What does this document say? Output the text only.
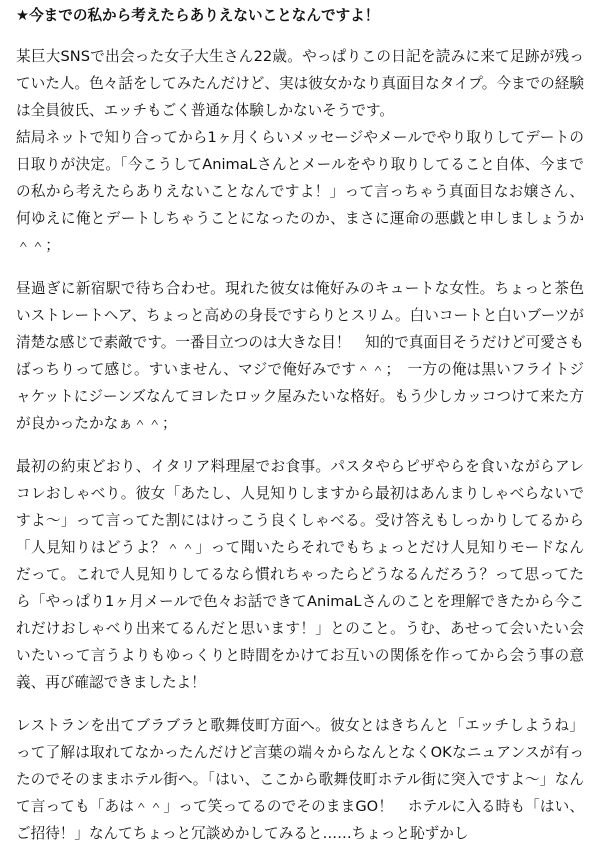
★今までの私から考えたらありえないことなんですよ！
某巨大SNSで出会った女子大生さん22歳。やっぱりこの日記を読みに来て足跡が残っていた人。色々話をしてみたんだけど、実は彼女かなり真面目なタイプ。今までの経験は全員彼氏、エッチもごく普通な体験しかないそうです。
結局ネットで知り合ってから1ヶ月くらいメッセージやメールでやり取りしてデートの日取りが決定。「今こうしてAnimaLさんとメールをやり取りしてること自体、今までの私から考えたらありえないことなんですよ！」って言っちゃう真面目なお嬢さん、何ゆえに俺とデートしちゃうことになったのか、まさに運命の悪戯と申しましょうか＾＾；
昼過ぎに新宿駅で待ち合わせ。現れた彼女は俺好みのキュートな女性。ちょっと茶色いストレートヘア、ちょっと高めの身長ですらりとスリム。白いコートと白いブーツが清楚な感じで素敵です。一番目立つのは大きな目！　知的で真面目そうだけど可愛さもばっちりって感じ。すいません、マジで俺好みです＾＾；　一方の俺は黒いフライトジャケットにジーンズなんてヨレたロック屋みたいな格好。もう少しカッコつけて来た方が良かったかなぁ＾＾；
最初の約束どおり、イタリア料理屋でお食事。パスタやらピザやらを食いながらアレコレおしゃべり。彼女「あたし、人見知りしますから最初はあんまりしゃべらないですよ〜」って言ってた割にはけっこう良くしゃべる。受け答えもしっかりしてるから「人見知りはどうよ？＾＾」って聞いたらそれでもちょっとだけ人見知りモードなんだって。これで人見知りしてるなら慣れちゃったらどうなるんだろう？って思ってたら「やっぱり1ヶ月メールで色々お話できてAnimaLさんのことを理解できたから今これだけおしゃべり出来てるんだと思います！」とのこと。うむ、あせって会いたい会いたいって言うよりもゆっくりと時間をかけてお互いの関係を作ってから会う事の意義、再び確認できましたよ！
レストランを出てブラブラと歌舞伎町方面へ。彼女とはきちんと「エッチしようね」って了解は取れてなかったんだけど言葉の端々からなんとなくOKなニュアンスが有ったのでそのままホテル街へ。「はい、ここから歌舞伎町ホテル街に突入ですよ〜」なんて言っても「あは＾＾」って笑ってるのでそのままGO！　ホテルに入る時も「はい、ご招待！」なんてちょっと冗談めかしてみると……ちょっと恥ずかし
